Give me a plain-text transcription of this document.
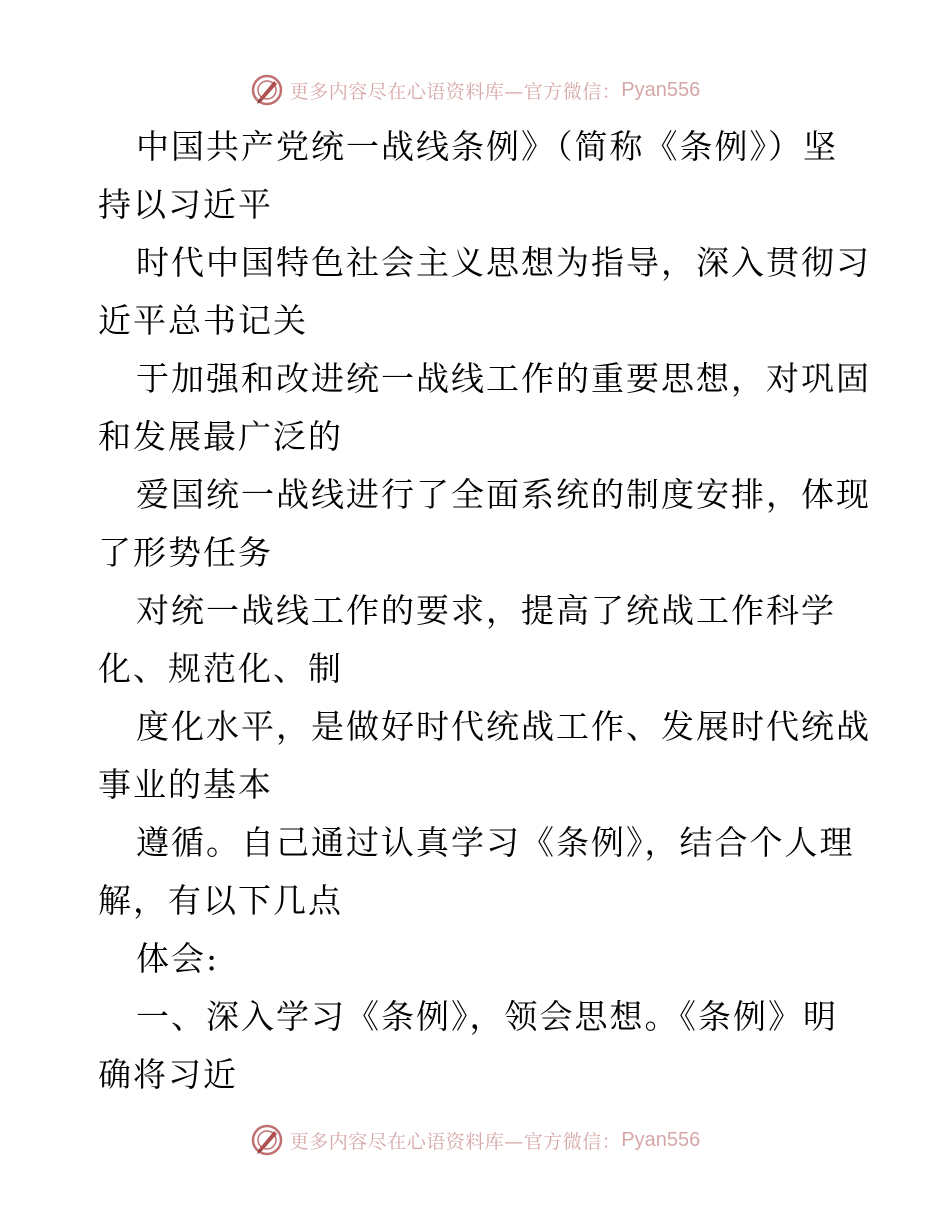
更多内容尽在心语资料库—官方微信： Pyan556
中国共产党统一战线条例》（简称《条例》）坚
持以习近平
时代中国特色社会主义思想为指导，深入贯彻习
近平总书记关
于加强和改进统一战线工作的重要思想，对巩固
和发展最广泛的
爱国统一战线进行了全面系统的制度安排，体现
了形势任务
对统一战线工作的要求，提高了统战工作科学
化、规范化、制
度化水平，是做好时代统战工作、发展时代统战
事业的基本
遵循。自己通过认真学习《条例》，结合个人理
解，有以下几点
体会:
一、深入学习《条例》，领会思想。《条例》明
确将习近
更多内容尽在心语资料库—官方微信： Pyan556
